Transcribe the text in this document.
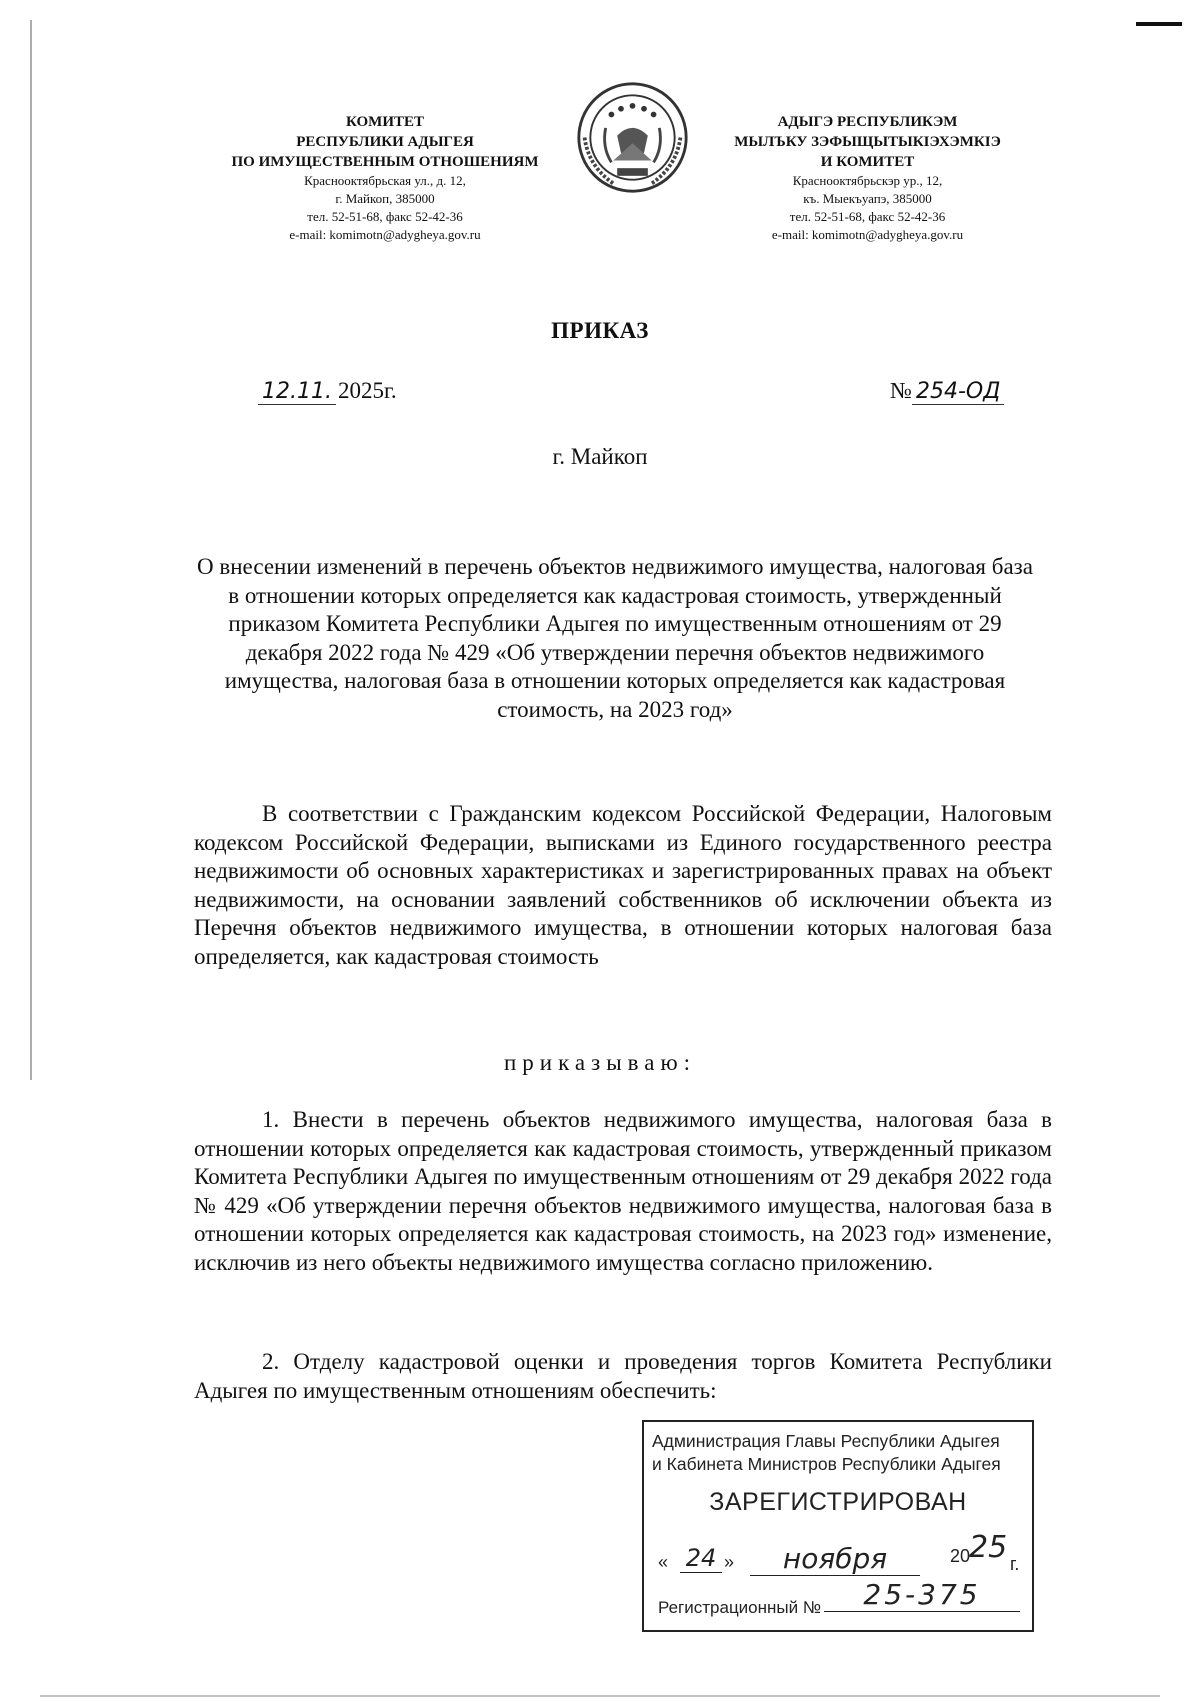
КОМИТЕТ
РЕСПУБЛИКИ АДЫГЕЯ
ПО ИМУЩЕСТВЕННЫМ ОТНОШЕНИЯМ
Краснооктябрьская ул., д. 12,
г. Майкоп, 385000
тел. 52-51-68, факс 52-42-36
e-mail: komimotn@adygheya.gov.ru
АДЫГЭ РЕСПУБЛИКЭМ
МЫЛЪКУ ЗЭФЫЩЫТЫКІЭХЭМКІЭ
И КОМИТЕТ
Краснооктябрьскэр ур., 12,
къ. Мыекъуапэ, 385000
тел. 52-51-68, факс 52-42-36
e-mail: komimotn@adygheya.gov.ru
ПРИКАЗ
12.11. 2025г.	№ 254-ОД
г. Майкоп
О внесении изменений в перечень объектов недвижимого имущества, налоговая база в отношении которых определяется как кадастровая стоимость, утвержденный приказом Комитета Республики Адыгея по имущественным отношениям от 29 декабря 2022 года № 429 «Об утверждении перечня объектов недвижимого имущества, налоговая база в отношении которых определяется как кадастровая стоимость, на 2023 год»
В соответствии с Гражданским кодексом Российской Федерации, Налоговым кодексом Российской Федерации, выписками из Единого государственного реестра недвижимости об основных характеристиках и зарегистрированных правах на объект недвижимости, на основании заявлений собственников об исключении объекта из Перечня объектов недвижимого имущества, в отношении которых налоговая база определяется, как кадастровая стоимость
приказываю:
1. Внести в перечень объектов недвижимого имущества, налоговая база в отношении которых определяется как кадастровая стоимость, утвержденный приказом Комитета Республики Адыгея по имущественным отношениям от 29 декабря 2022 года № 429 «Об утверждении перечня объектов недвижимого имущества, налоговая база в отношении которых определяется как кадастровая стоимость, на 2023 год» изменение, исключив из него объекты недвижимого имущества согласно приложению.
2. Отделу кадастровой оценки и проведения торгов Комитета Республики Адыгея по имущественным отношениям обеспечить:
Администрация Главы Республики Адыгея
и Кабинета Министров Республики Адыгея
ЗАРЕГИСТРИРОВАН
« 24 »	ноября	20
25 г.
Регистрационный №	25-375
